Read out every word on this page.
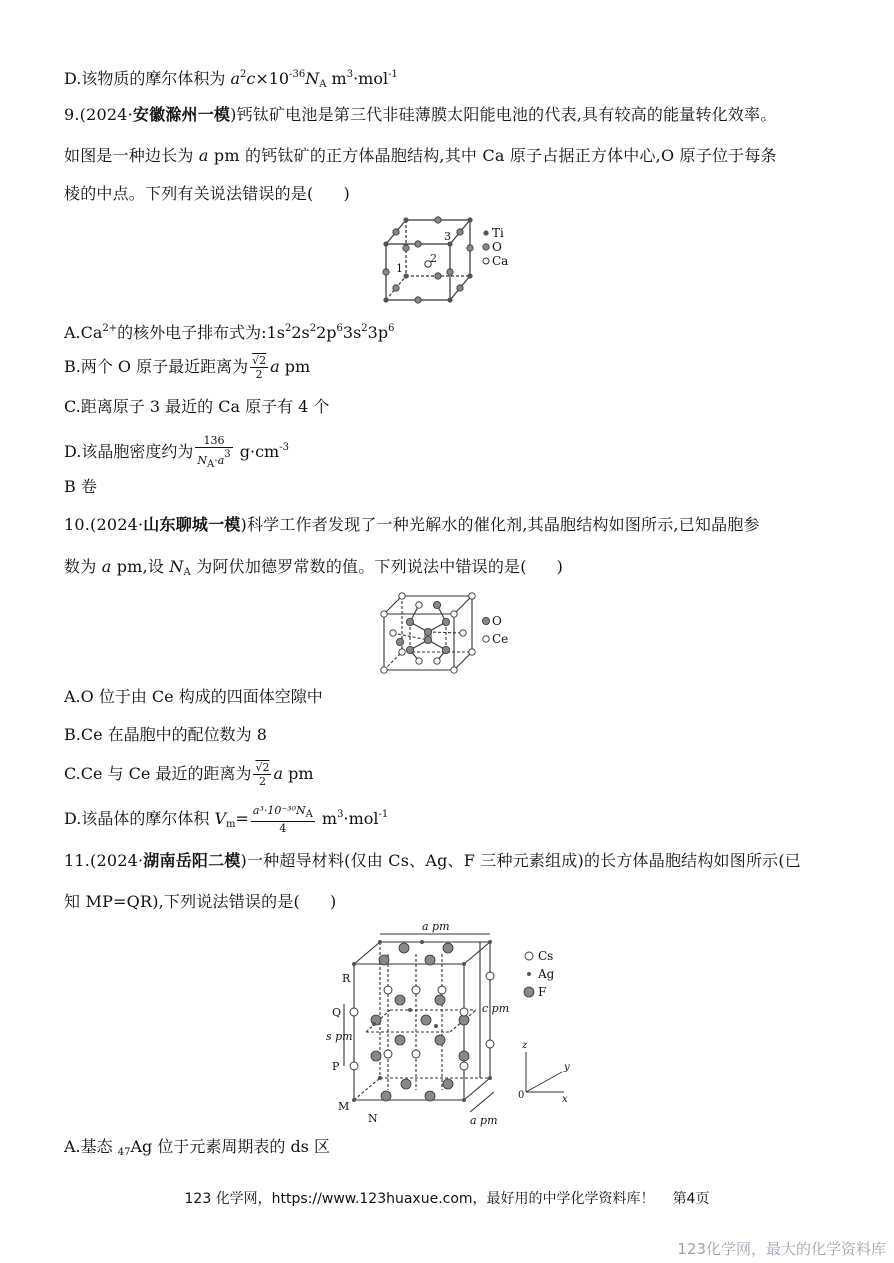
D.该物质的摩尔体积为 $a^2c\times 10^{-36}N_A$ $m^3\cdot mol^{-1}$
9.(2024·安徽滁州一模)钙钛矿电池是第三代非硅薄膜太阳能电池的代表,具有较高的能量转化效率。
如图是一种边长为 a pm 的钙钛矿的正方体晶胞结构,其中 Ca 原子占据正方体中心,O 原子位于每条
棱的中点。下列有关说法错误的是( )
1
2
3	Ti
O
Ca
$A.Ca^{2+}$的核外电子排布式为$:1s^22s^22p^63s^23p^6$
B.两个 O 原子最近距离为 $\frac{√2}{2}$ a pm
C.距离原子 3 最近的 Ca 原子有 4 个
D.该晶胞密度约为 $\frac{136}{NA\cdot a3} g\cdot cm^{-3}$
B 卷
10.(2024·山东聊城一模)科学工作者发现了一种光解水的催化剂,其晶胞结构如图所示,已知晶胞参
数为 a pm,设 $N_A$ 为阿伏加德罗常数的值。下列说法中错误的是( )
O
Ce
A.O 位于由 Ce 构成的四面体空隙中
B.Ce 在晶胞中的配位数为 8
C.Ce 与 Ce 最近的距离为 $\frac{√2}{2}$ a pm
D.该晶体的摩尔体积 $V_m= \frac{\text{a³·10⁻³⁰NA}}{4} m^3\cdot mol^{-1}$
11.(2024·湖南岳阳二模)一种超导材料(仅由 Cs、Ag、F 三种元素组成)的长方体晶胞结构如图所示(已
知 MP=QR),下列说法错误的是( )
a pm
c pm
s pm
a pm
R
Q
P
M
N
z
y
x
0
Cs
Ag
F
A.基态 $_{47}$Ag 位于元素周期表的 ds 区
123 化学网，https://www.123huaxue.com，最好用的中学化学资料库！ 第4页
123化学网，最大的化学资料库
